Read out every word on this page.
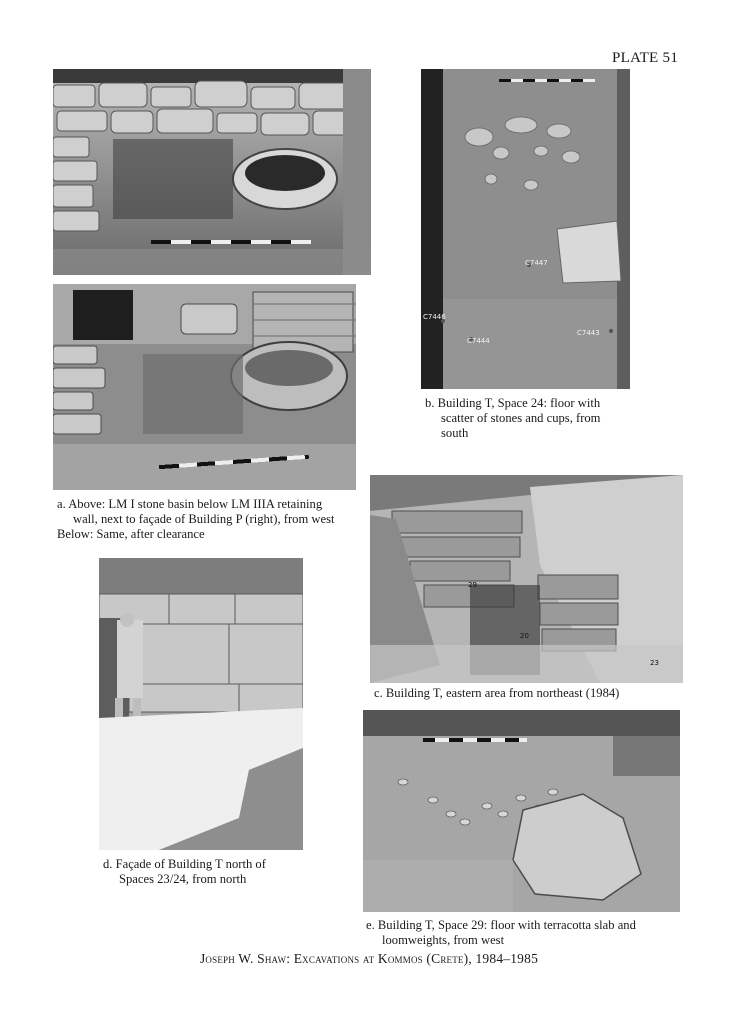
PLATE 51

a. Above: LM I stone basin below LM IIIA retaining
wall, next to façade of Building P (right), from west
Below: Same, after clearance

C7447
C7446
C7444
C7443

b. Building T, Space 24: floor with
scatter of stones and cups, from
south

29
20
23

c. Building T, eastern area from northeast (1984)

d. Façade of Building T north of
Spaces 23/24, from north

e. Building T, Space 29: floor with terracotta slab and
loomweights, from west

Joseph W. Shaw: Excavations at Kommos (Crete), 1984–1985
